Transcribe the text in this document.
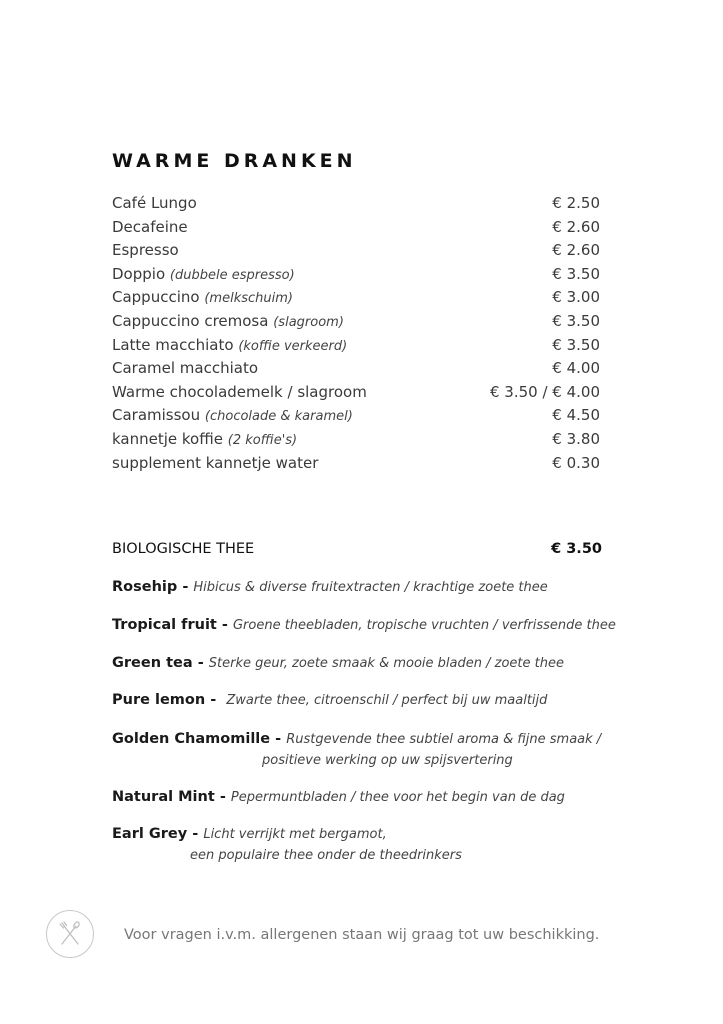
WARME DRANKEN
Café Lungo	€ 2.50
Decafeine	€ 2.60
Espresso	€ 2.60
Doppio (dubbele espresso)	€ 3.50
Cappuccino (melkschuim)	€ 3.00
Cappuccino cremosa (slagroom)	€ 3.50
Latte macchiato (koffie verkeerd)	€ 3.50
Caramel macchiato	€ 4.00
Warme chocolademelk / slagroom	€ 3.50 / € 4.00
Caramissou (chocolade & karamel)	€ 4.50
kannetje koffie (2 koffie's)	€ 3.80
supplement kannetje water	€ 0.30
BIOLOGISCHE THEE	€ 3.50
Rosehip - Hibicus & diverse fruitextracten / krachtige zoete thee
Tropical fruit - Groene theebladen, tropische vruchten / verfrissende thee
Green tea - Sterke geur, zoete smaak & mooie bladen / zoete thee
Pure lemon -  Zwarte thee, citroenschil / perfect bij uw maaltijd
Golden Chamomille - Rustgevende thee subtiel aroma & fijne smaak /
positieve werking op uw spijsvertering
Natural Mint - Pepermuntbladen / thee voor het begin van de dag
Earl Grey - Licht verrijkt met bergamot,
een populaire thee onder de theedrinkers
Voor vragen i.v.m. allergenen staan wij graag tot uw beschikking.
